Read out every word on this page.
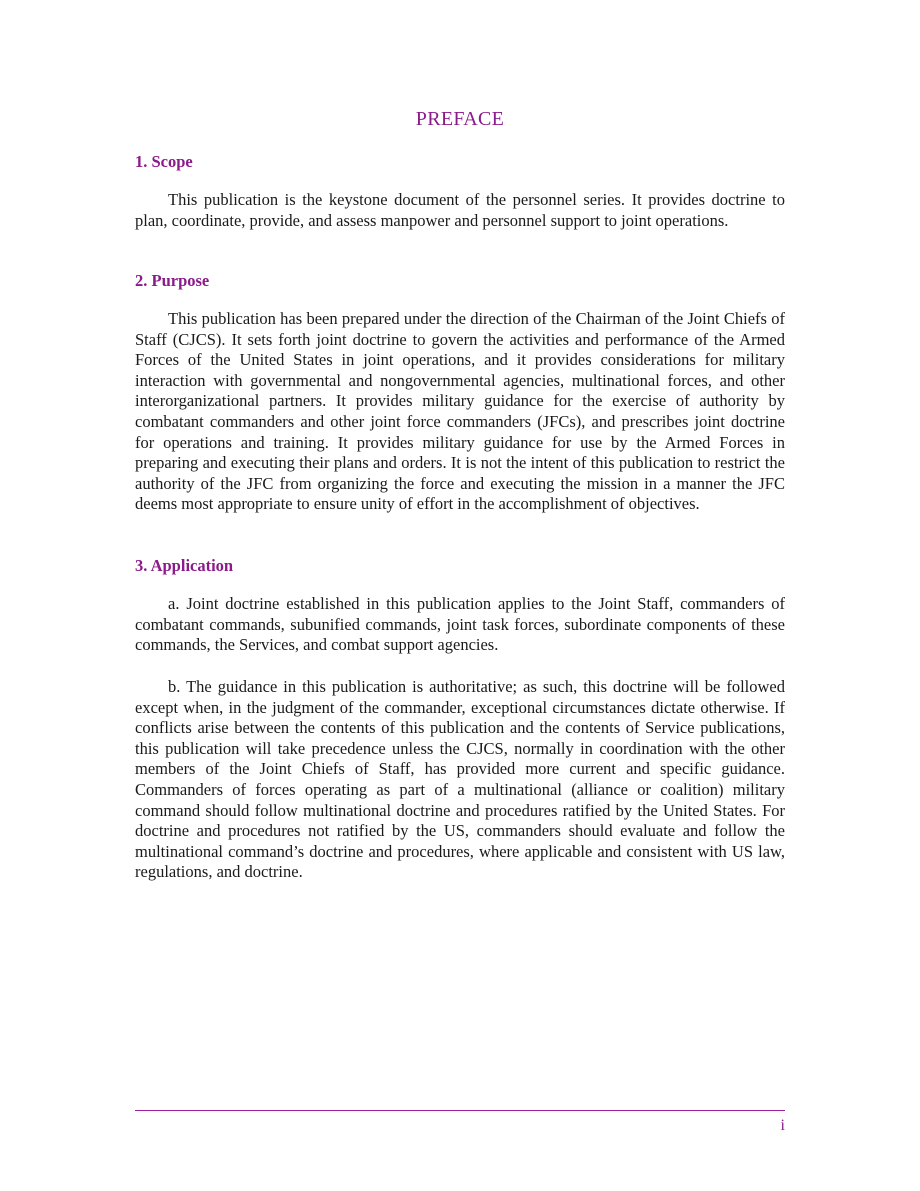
PREFACE
1. Scope

This publication is the keystone document of the personnel series. It provides doctrine to plan, coordinate, provide, and assess manpower and personnel support to joint operations.

2. Purpose

This publication has been prepared under the direction of the Chairman of the Joint Chiefs of Staff (CJCS). It sets forth joint doctrine to govern the activities and performance of the Armed Forces of the United States in joint operations, and it provides considerations for military interaction with governmental and nongovernmental agencies, multinational forces, and other interorganizational partners. It provides military guidance for the exercise of authority by combatant commanders and other joint force commanders (JFCs), and prescribes joint doctrine for operations and training. It provides military guidance for use by the Armed Forces in preparing and executing their plans and orders. It is not the intent of this publication to restrict the authority of the JFC from organizing the force and executing the mission in a manner the JFC deems most appropriate to ensure unity of effort in the accomplishment of objectives.

3. Application

a. Joint doctrine established in this publication applies to the Joint Staff, commanders of combatant commands, subunified commands, joint task forces, subordinate components of these commands, the Services, and combat support agencies.

b. The guidance in this publication is authoritative; as such, this doctrine will be followed except when, in the judgment of the commander, exceptional circumstances dictate otherwise. If conflicts arise between the contents of this publication and the contents of Service publications, this publication will take precedence unless the CJCS, normally in coordination with the other members of the Joint Chiefs of Staff, has provided more current and specific guidance. Commanders of forces operating as part of a multinational (alliance or coalition) military command should follow multinational doctrine and procedures ratified by the United States. For doctrine and procedures not ratified by the US, commanders should evaluate and follow the multinational command’s doctrine and procedures, where applicable and consistent with US law, regulations, and doctrine.

i
